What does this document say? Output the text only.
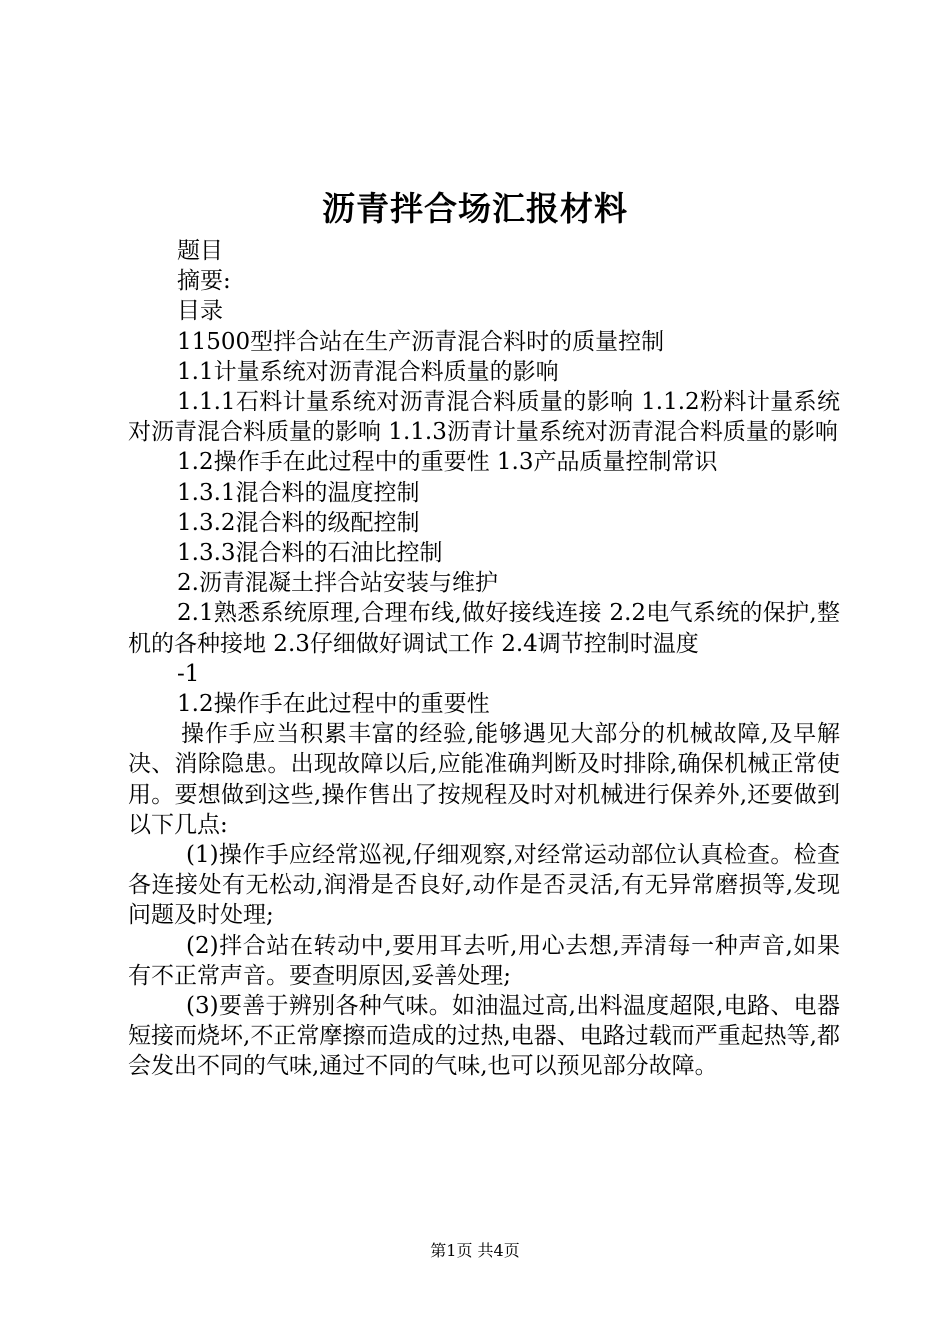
沥青拌合场汇报材料

题目

摘要:

目录

11500型拌合站在生产沥青混合料时的质量控制

1.1计量系统对沥青混合料质量的影响

1.1.1石料计量系统对沥青混合料质量的影响 1.1.2粉料计量系统对沥青混合料质量的影响 1.1.3沥青计量系统对沥青混合料质量的影响

1.2操作手在此过程中的重要性 1.3产品质量控制常识

1.3.1混合料的温度控制

1.3.2混合料的级配控制

1.3.3混合料的石油比控制

2.沥青混凝土拌合站安装与维护

2.1熟悉系统原理,合理布线,做好接线连接 2.2电气系统的保护,整机的各种接地 2.3仔细做好调试工作 2.4调节控制时温度

-1

1.2操作手在此过程中的重要性

操作手应当积累丰富的经验,能够遇见大部分的机械故障,及早解决、消除隐患。出现故障以后,应能准确判断及时排除,确保机械正常使用。要想做到这些,操作售出了按规程及时对机械进行保养外,还要做到以下几点:

(1)操作手应经常巡视,仔细观察,对经常运动部位认真检查。检查各连接处有无松动,润滑是否良好,动作是否灵活,有无异常磨损等,发现问题及时处理;

(2)拌合站在转动中,要用耳去听,用心去想,弄清每一种声音,如果有不正常声音。要查明原因,妥善处理;

(3)要善于辨别各种气味。如油温过高,出料温度超限,电路、电器短接而烧坏,不正常摩擦而造成的过热,电器、电路过载而严重起热等,都会发出不同的气味,通过不同的气味,也可以预见部分故障。

第1页 共4页
